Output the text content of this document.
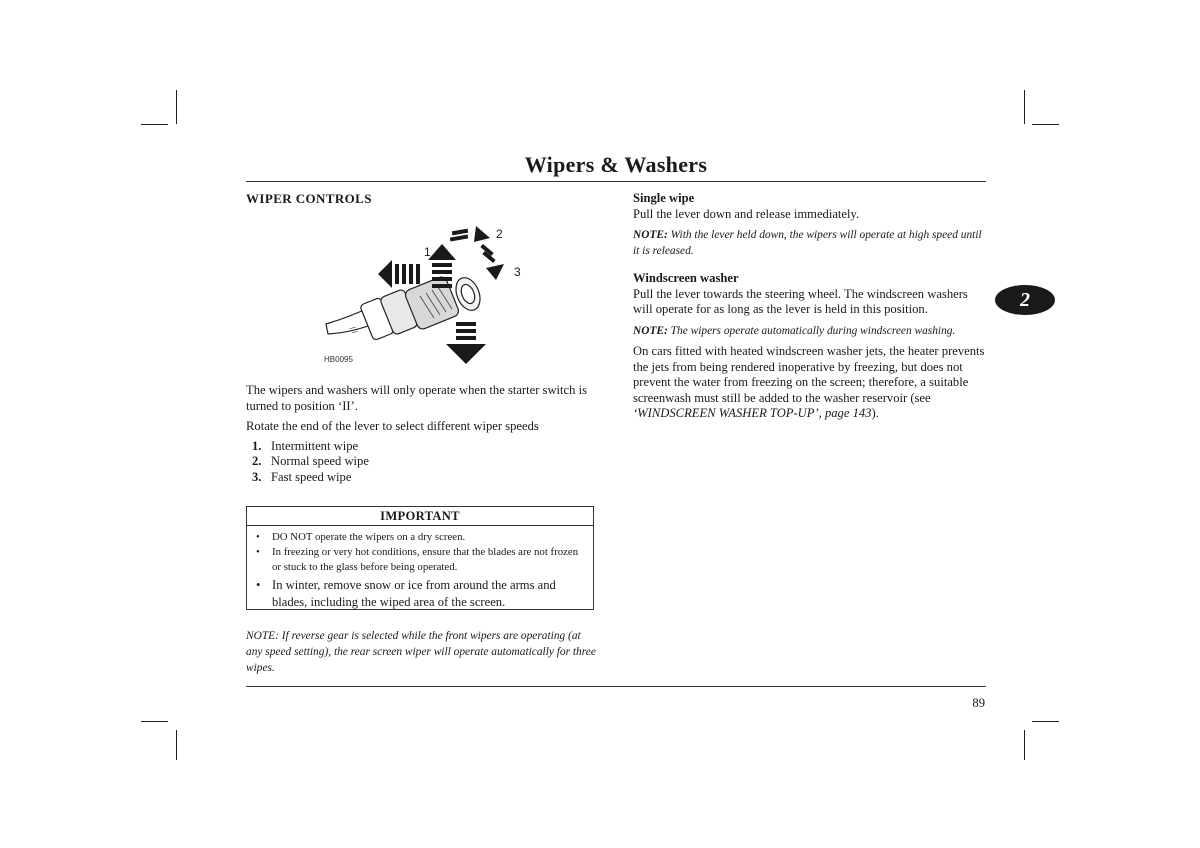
Wipers & Washers
WIPER CONTROLS
///
1
2
3
HB0095

The wipers and washers will only operate when the starter switch is turned to position ‘II’.

Rotate the end of the lever to select different wiper speeds

1. Intermittent wipe
2. Normal speed wipe
3. Fast speed wipe
IMPORTANT
•	DO NOT operate the wipers on a dry screen.
•	In freezing or very hot conditions, ensure that the blades are not frozen or stuck to the glass before being operated.
• In winter, remove snow or ice from around the arms and blades, including the wiped area of the screen.

NOTE: If reverse gear is selected while the front wipers are operating (at any speed setting), the rear screen wiper will operate automatically for three wipes.

Single wipe

Pull the lever down and release immediately.

NOTE: With the lever held down, the wipers will operate at high speed until it is released.

Windscreen washer

Pull the lever towards the steering wheel. The windscreen washers will operate for as long as the lever is held in this position.

NOTE: The wipers operate automatically during windscreen washing.

On cars fitted with heated windscreen washer jets, the heater prevents the jets from being rendered inoperative by freezing, but does not prevent the water from freezing on the screen; therefore, a suitable screenwash must still be added to the washer reservoir (see ‘WINDSCREEN WASHER TOP-UP’, page 143).

2
89
